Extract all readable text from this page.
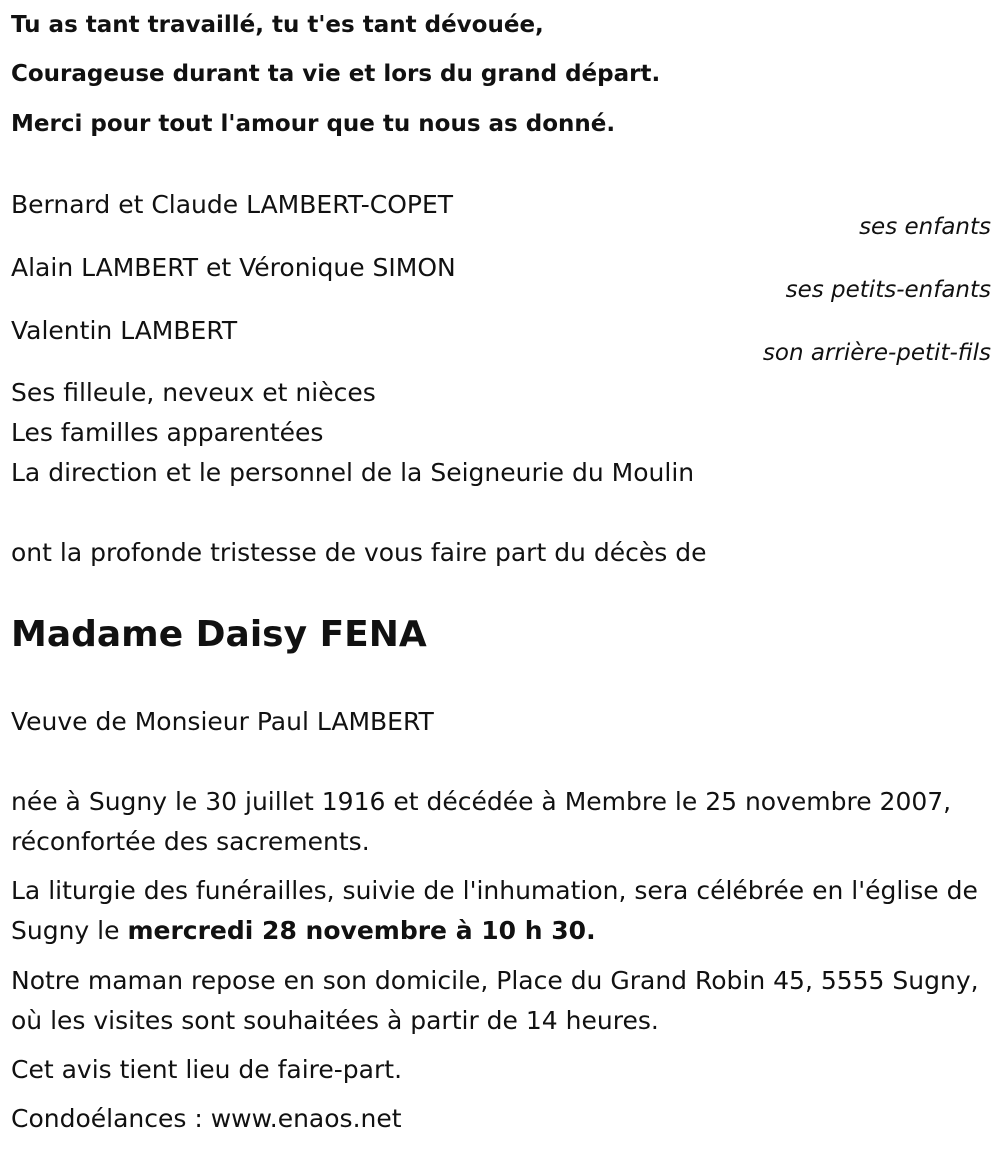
Tu as tant travaillé, tu t'es tant dévouée,
Courageuse durant ta vie et lors du grand départ.
Merci pour tout l'amour que tu nous as donné.
Bernard et Claude LAMBERT-COPET
ses enfants
Alain LAMBERT et Véronique SIMON
ses petits-enfants
Valentin LAMBERT
son arrière-petit-fils
Ses filleule, neveux et nièces
Les familles apparentées
La direction et le personnel de la Seigneurie du Moulin
ont la profonde tristesse de vous faire part du décès de
Madame Daisy FENA
Veuve de Monsieur Paul LAMBERT
née à Sugny le 30 juillet 1916 et décédée à Membre le 25 novembre 2007, réconfortée des sacrements.
La liturgie des funérailles, suivie de l'inhumation, sera célébrée en l'église de Sugny le mercredi 28 novembre à 10 h 30.
Notre maman repose en son domicile, Place du Grand Robin 45, 5555 Sugny, où les visites sont souhaitées à partir de 14 heures.
Cet avis tient lieu de faire-part.
Condoélances : www.enaos.net
